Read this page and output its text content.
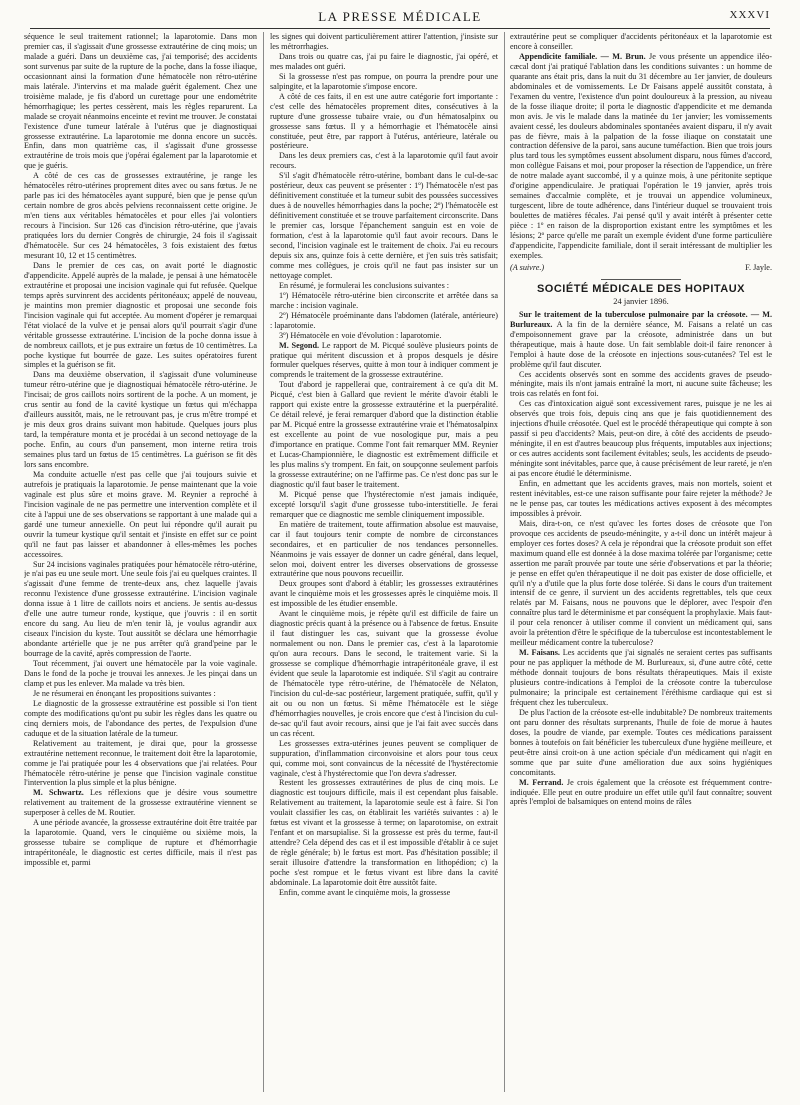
LA PRESSE MÉDICALE	XXXVI

séquence le seul traitement rationnel; la laparotomie. Dans mon premier cas, il s'agissait d'une grossesse extrautérine de cinq mois; un malade a guéri. Dans un deuxième cas, j'ai temporisé; des accidents sont survenus par suite de la rupture de la poche, dans la fosse iliaque, occasionnant ainsi la formation d'une hématocèle non rétro-utérine mais latérale. J'intervins et ma malade guérit également. Chez une troisième malade, je fis d'abord un curettage pour une endométrite hémorrhagique; les pertes cessèrent, mais les règles reparurent. La malade se croyait néanmoins enceinte et revint me trouver. Je constatai l'existence d'une tumeur latérale à l'utérus que je diagnostiquai grossesse extrautérine. La laparotomie me donna encore un succès. Enfin, dans mon quatrième cas, il s'agissait d'une grossesse extrautérine de trois mois que j'opérai également par la laparotomie et que je guéris.

A côté de ces cas de grossesses extrautérine, je range les hématocèles rétro-utérines proprement dites avec ou sans fœtus. Je ne parle pas ici des hématocèles ayant suppuré, bien que je pense qu'un certain nombre de gros abcès pelviens reconnaissent cette origine. Je m'en tiens aux véritables hématocèles et pour elles j'ai volontiers recours à l'incision. Sur 126 cas d'incision rétro-utérine, que j'avais pratiquées lors du dernier Congrès de chirurgie, 24 fois il s'agissait d'hématocèle. Sur ces 24 hématocèles, 3 fois existaient des fœtus mesurant 10, 12 et 15 centimètres.

Dans le premier de ces cas, on avait porté le diagnostic d'appendicite. Appelé auprès de la malade, je pensai à une hématocèle extrautérine et proposai une incision vaginale qui fut refusée. Quelque temps après survinrent des accidents péritonéaux; appelé de nouveau, je maintins mon premier diagnostic et proposai une seconde fois l'incision vaginale qui fut acceptée. Au moment d'opérer je remarquai l'état violacé de la vulve et je pensai alors qu'il pourrait s'agir d'une véritable grossesse extrautérine. L'incision de la poche donna issue à de nombreux caillots, et je pus extraire un fœtus de 10 centimètres. La poche kystique fut bourrée de gaze. Les suites opératoires furent simples et la guérison se fit.

Dans ma deuxième observation, il s'agissait d'une volumineuse tumeur rétro-utérine que je diagnostiquai hématocèle rétro-utérine. Je l'incisai; de gros caillots noirs sortirent de la poche. A un moment, je crus sentir au fond de la cavité kystique un fœtus qui m'échappa d'ailleurs aussitôt, mais, ne le retrouvant pas, je crus m'être trompé et je mis deux gros drains suivant mon habitude. Quelques jours plus tard, la température monta et je procédai à un second nettoyage de la poche. Enfin, au cours d'un pansement, mon interne retira trois semaines plus tard un fœtus de 15 centimètres. La guérison se fit dès lors sans encombre.

Ma conduite actuelle n'est pas celle que j'ai toujours suivie et autrefois je pratiquais la laparotomie. Je pense maintenant que la voie vaginale est plus sûre et moins grave. M. Reynier a reproché à l'incision vaginale de ne pas permettre une intervention complète et il cite à l'appui une de ses observations se rapportant à une malade qui a gardé une tumeur annexielle. On peut lui répondre qu'il aurait pu ouvrir la tumeur kystique qu'il sentait et j'insiste en effet sur ce point qu'il ne faut pas laisser et abandonner à elles-mêmes les poches accessoires.

Sur 24 incisions vaginales pratiquées pour hématocèle rétro-utérine, je n'ai pas eu une seule mort. Une seule fois j'ai eu quelques craintes. Il s'agissait d'une femme de trente-deux ans, chez laquelle j'avais reconnu l'existence d'une grossesse extrautérine. L'incision vaginale donna issue à 1 litre de caillots noirs et anciens. Je sentis au-dessus d'elle une autre tumeur ronde, kystique, que j'ouvris : il en sortit encore du sang. Au lieu de m'en tenir là, je voulus agrandir aux ciseaux l'incision du kyste. Tout aussitôt se déclara une hémorrhagie abondante artérielle que je ne pus arrêter qu'à grand'peine par le bourrage de la cavité, après compression de l'aorte.

Tout récemment, j'ai ouvert une hématocèle par la voie vaginale. Dans le fond de la poche je trouvai les annexes. Je les pinçai dans un clamp et pus les enlever. Ma malade va très bien.

Je ne résumerai en énonçant les propositions suivantes :

Le diagnostic de la grossesse extrautérine est possible si l'on tient compte des modifications qu'ont pu subir les règles dans les quatre ou cinq derniers mois, de l'abondance des pertes, de l'expulsion d'une caduque et de la situation latérale de la tumeur.

Relativement au traitement, je dirai que, pour la grossesse extrautérine nettement reconnue, le traitement doit être la laparotomie, comme je l'ai pratiquée pour les 4 observations que j'ai relatées. Pour l'hématocèle rétro-utérine je pense que l'incision vaginale constitue l'intervention la plus simple et la plus bénigne.

M. Schwartz. Les réflexions que je désire vous soumettre relativement au traitement de la grossesse extrautérine viennent se superposer à celles de M. Routier.

A une période avancée, la grossesse extrautérine doit être traitée par la laparotomie. Quand, vers le cinquième ou sixième mois, la grossesse tubaire se complique de rupture et d'hémorrhagie intrapéritonéale, le diagnostic est certes difficile, mais il n'est pas impossible et, parmi

les signes qui doivent particulièrement attirer l'attention, j'insiste sur les métrorrhagies.

Dans trois ou quatre cas, j'ai pu faire le diagnostic, j'ai opéré, et mes malades ont guéri.

Si la grossesse n'est pas rompue, on pourra la prendre pour une salpingite, et la laparotomie s'impose encore.

A côté de ces faits, il en est une autre catégorie fort importante : c'est celle des hématocèles proprement dites, consécutives à la rupture d'une grossesse tubaire vraie, ou d'un hématosalpinx ou grossesse sans fœtus. Il y a hémorrhagie et l'hématocèle ainsi constituée, peut être, par rapport à l'utérus, antérieure, latérale ou postérieure.

Dans les deux premiers cas, c'est à la laparotomie qu'il faut avoir recours.

S'il s'agit d'hématocèle rétro-utérine, bombant dans le cul-de-sac postérieur, deux cas peuvent se présenter : 1º) l'hématocèle n'est pas définitivement constituée et la tumeur subit des poussées successives dues à de nouvelles hémorrhagies dans la poche; 2º) l'hématocèle est définitivement constituée et se trouve parfaitement circonscrite. Dans le premier cas, lorsque l'épanchement sanguin est en voie de formation, c'est à la laparotomie qu'il faut avoir recours. Dans le second, l'incision vaginale est le traitement de choix. J'ai eu recours depuis six ans, quinze fois à cette dernière, et j'en suis très satisfait; comme mes collègues, je crois qu'il ne faut pas insister sur un nettoyage complet.

En résumé, je formulerai les conclusions suivantes :

1º) Hématocèle rétro-utérine bien circonscrite et arrêtée dans sa marche : incision vaginale.

2º) Hématocèle proéminante dans l'abdomen (latérale, antérieure) : laparotomie.

3º) Hématocèle en voie d'évolution : laparotomie.

M. Segond. Le rapport de M. Picqué soulève plusieurs points de pratique qui méritent discussion et à propos desquels je désire formuler quelques réserves, quitte à mon tour à indiquer comment je comprends le traitement de la grossesse extrautérine.

Tout d'abord je rappellerai que, contrairement à ce qu'a dit M. Picqué, c'est bien à Gallard que revient le mérite d'avoir établi le rapport qui existe entre la grossesse extrautérine et la puerpéralité. Ce détail relevé, je ferai remarquer d'abord que la distinction établie par M. Picqué entre la grossesse extrautérine vraie et l'hématosalpinx est excellente au point de vue nosologique pur, mais a peu d'importance en pratique. Comme l'ont fait remarquer MM. Reynier et Lucas-Championnière, le diagnostic est extrêmement difficile et les plus malins s'y trompent. En fait, on soupçonne seulement parfois la grossesse extrautérine; on ne l'affirme pas. Ce n'est donc pas sur le diagnostic qu'il faut baser le traitement.

M. Picqué pense que l'hystérectomie n'est jamais indiquée, excepté lorsqu'il s'agit d'une grossesse tubo-interstitielle. Je ferai remarquer que ce diagnostic me semble cliniquement impossible.

En matière de traitement, toute affirmation absolue est mauvaise, car il faut toujours tenir compte de nombre de circonstances secondaires, et en particulier de nos tendances personnelles. Néanmoins je vais essayer de donner un cadre général, dans lequel, selon moi, doivent entrer les diverses observations de grossesse extrautérine que nous pouvons recueillir.

Deux groupes sont d'abord à établir; les grossesses extrautérines avant le cinquième mois et les grossesses après le cinquième mois. Il est impossible de les étudier ensemble.

Avant le cinquième mois, je répète qu'il est difficile de faire un diagnostic précis quant à la présence ou à l'absence de fœtus. Ensuite il faut distinguer les cas, suivant que la grossesse évolue normalement ou non. Dans le premier cas, c'est à la laparotomie qu'on aura recours. Dans le second, le traitement varie. Si la grossesse se complique d'hémorrhagie intrapéritonéale grave, il est évident que seule la laparotomie est indiquée. S'il s'agit au contraire de l'hématocèle type rétro-utérine, de l'hématocèle de Nélaton, l'incision du cul-de-sac postérieur, largement pratiquée, suffit, qu'il y ait ou ou non un fœtus. Si même l'hématocèle est le siège d'hémorrhagies nouvelles, je crois encore que c'est à l'incision du cul-de-sac qu'il faut avoir recours, ainsi que je l'ai fait avec succès dans un cas récent.

Les grossesses extra-utérines jeunes peuvent se compliquer de suppuration, d'inflammation circonvoisine et alors pour tous ceux qui, comme moi, sont convaincus de la nécessité de l'hystérectomie vaginale, c'est à l'hystérectomie que l'on devra s'adresser.

Restent les grossesses extrautérines de plus de cinq mois. Le diagnostic est toujours difficile, mais il est cependant plus faisable. Relativement au traitement, la laparotomie seule est à faire. Si l'on voulait classifier les cas, on établirait les variétés suivantes : a) le fœtus est vivant et la grossesse à terme; on laparotomise, on extrait l'enfant et on marsupialise. Si la grossesse est près du terme, faut-il attendre? Cela dépend des cas et il est impossible d'établir à ce sujet de règle générale; b) le fœtus est mort. Pas d'hésitation possible; il serait illusoire d'attendre la transformation en lithopédion; c) la poche s'est rompue et le fœtus vivant est libre dans la cavité abdominale. La laparotomie doit être aussitôt faite.

Enfin, comme avant le cinquième mois, la grossesse

extrautérine peut se compliquer d'accidents péritonéaux et la laparotomie est encore à conseiller.

Appendicite familiale. — M. Brun. Je vous présente un appendice iléo-cæcal dont j'ai pratiqué l'ablation dans les conditions suivantes : un homme de quarante ans était pris, dans la nuit du 31 décembre au 1er janvier, de douleurs abdominales et de vomissements. Le Dr Faisans appelé aussitôt constata, à l'examen du ventre, l'existence d'un point douloureux à la pression, au niveau de la fosse iliaque droite; il porta le diagnostic d'appendicite et me demanda mon avis. Je vis le malade dans la matinée du 1er janvier; les vomissements avaient cessé, les douleurs abdominales spontanées avaient disparu, il n'y avait pas de fièvre, mais à la palpation de la fosse iliaque on constatait une contraction défensive de la paroi, sans aucune tuméfaction. Bien que trois jours plus tard tous les symptômes eussent absolument disparu, nous fûmes d'accord, mon collègue Faisans et moi, pour proposer la résection de l'appendice, un frère de notre malade ayant succombé, il y a quinze mois, à une péritonite septique d'origine appendiculaire. Je pratiquai l'opération le 19 janvier, après trois semaines d'accalmie complète, et je trouvai un appendice volumineux, turgescent, libre de toute adhérence, dans l'intérieur duquel se trouvaient trois boulettes de matières fécales. J'ai pensé qu'il y avait intérêt à présenter cette pièce : 1º en raison de la disproportion existant entre les symptômes et les lésions; 2º parce qu'elle me paraît un exemple évident d'une forme particulière d'appendicite, l'appendicite familiale, dont il serait intéressant de multiplier les exemples.

(A suivre.)	F. Jayle.
SOCIÉTÉ MÉDICALE DES HOPITAUX
24 janvier 1896.

Sur le traitement de la tuberculose pulmonaire par la créosote. — M. Burlureaux. A la fin de la dernière séance, M. Faisans a relaté un cas d'empoisonnement grave par la créosote, administrée dans un but thérapeutique, mais à haute dose. Un fait semblable doit-il faire renoncer à l'emploi à haute dose de la créosote en injections sous-cutanées? Tel est le problème qu'il faut discuter.

Ces accidents observés sont en somme des accidents graves de pseudo-méningite, mais ils n'ont jamais entraîné la mort, ni aucune suite fâcheuse; les trois cas relatés en font foi.

Ces cas d'intoxication aiguë sont excessivement rares, puisque je ne les ai observés que trois fois, depuis cinq ans que je fais quotidiennement des injections d'huile créosotée. Quel est le procédé thérapeutique qui compte à son passif si peu d'accidents? Mais, peut-on dire, à côté des accidents de pseudo-méningite, il en est d'autres beaucoup plus fréquents, imputables aux injections; or ces autres accidents sont facilement évitables; seuls, les accidents de pseudo-méningite sont inévitables, parce que, à cause précisément de leur rareté, je n'en ai pas encore étudié le déterminisme.

Enfin, en admettant que les accidents graves, mais non mortels, soient et restent inévitables, est-ce une raison suffisante pour faire rejeter la méthode? Je ne le pense pas, car toutes les médications actives exposent à des mécomptes impossibles à prévoir.

Mais, dira-t-on, ce n'est qu'avec les fortes doses de créosote que l'on provoque ces accidents de pseudo-méningite, y a-t-il donc un intérêt majeur à employer ces fortes doses? A cela je répondrai que la créosote produit son effet maximum quand elle est donnée à la dose maxima tolérée par l'organisme; cette assertion me paraît prouvée par toute une série d'observations et par la théorie; je pense en effet qu'en thérapeutique il ne doit pas exister de dose officielle, et qu'il n'y a d'utile que la plus forte dose tolérée. Si dans le cours d'un traitement intensif de ce genre, il survient un des accidents regrettables, tels que ceux relatés par M. Faisans, nous ne pouvons que le déplorer, avec l'espoir d'en connaître plus tard le déterminisme et par conséquent la prophylaxie. Mais faut-il pour cela renoncer à utiliser comme il convient un médicament qui, sans avoir la prétention d'être le spécifique de la tuberculose est incontestablement le meilleur médicament contre la tuberculose?

M. Faisans. Les accidents que j'ai signalés ne seraient certes pas suffisants pour ne pas appliquer la méthode de M. Burlureaux, si, d'une autre côté, cette méthode donnait toujours de bons résultats thérapeutiques. Mais il existe plusieurs contre-indications à l'emploi de la créosote contre la tuberculose pulmonaire; la principale est certainement l'éréthisme cardiaque qui est si fréquent chez les tuberculeux.

De plus l'action de la créosote est-elle indubitable? De nombreux traitements ont paru donner des résultats surprenants, l'huile de foie de morue à hautes doses, la poudre de viande, par exemple. Toutes ces médications paraissent bonnes à toutefois on fait bénéficier les tuberculeux d'une hygiène meilleure, et peut-être ainsi croit-on à une action spéciale d'un médicament qui n'agit en somme que par suite d'une amélioration due aux soins hygiéniques concomitants.

M. Ferrand. Je crois également que la créosote est fréquemment contre-indiquée. Elle peut en outre produire un effet utile qu'il faut connaître; souvent après l'emploi de balsamiques on entend moins de râles
